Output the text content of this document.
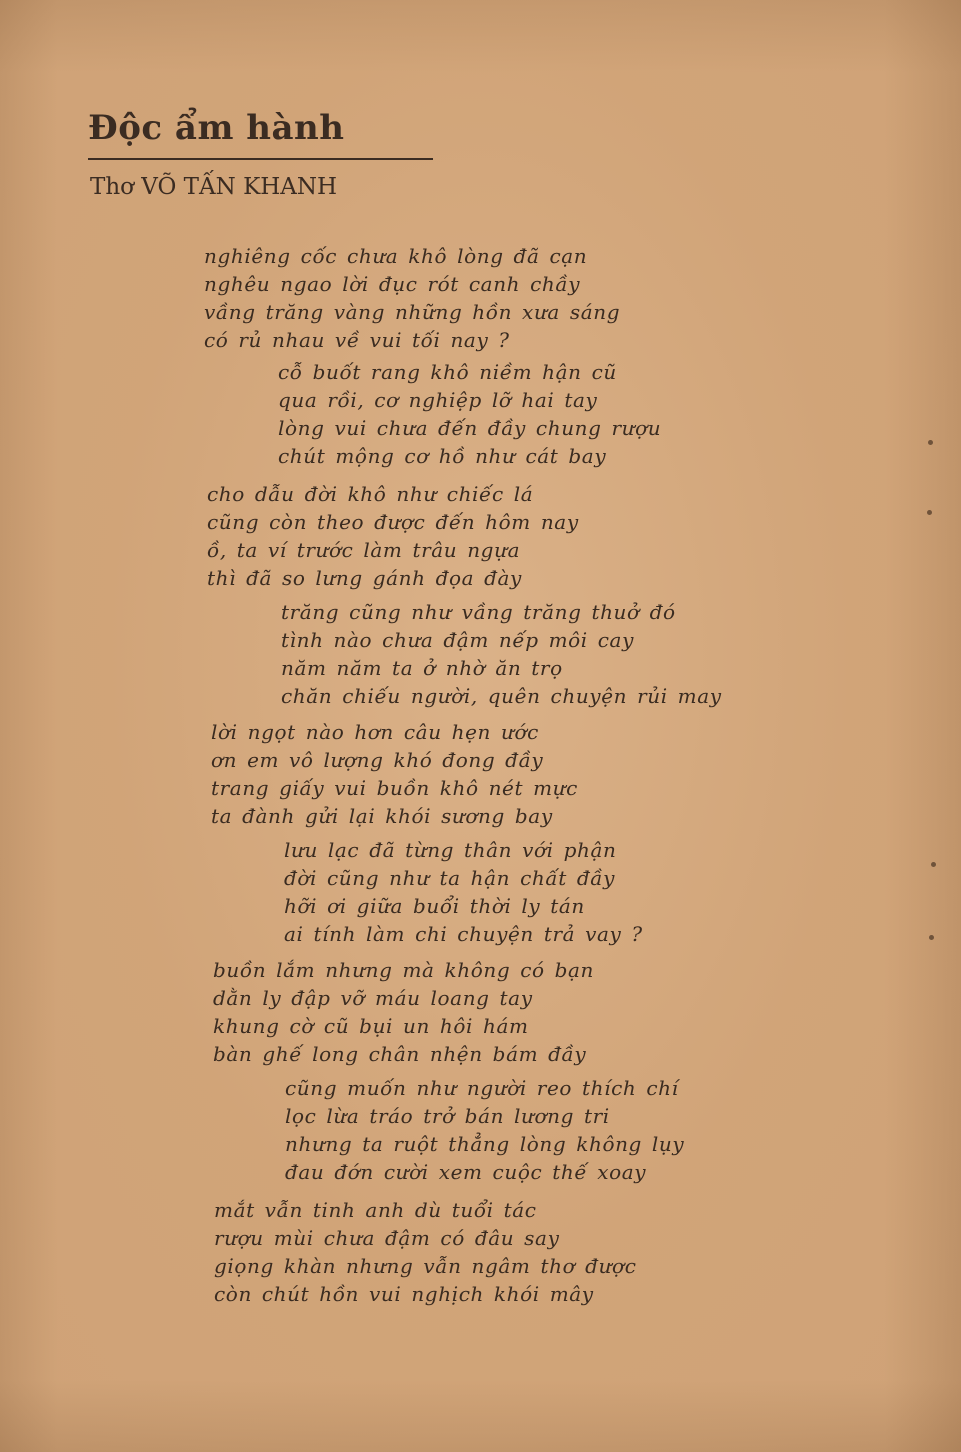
Độc ẩm hành
Thơ VÕ TẤN KHANH
nghiêng cốc chưa khô lòng đã cạn
nghêu ngao lời đục rót canh chầy
vầng trăng vàng những hồn xưa sáng
có rủ nhau về vui tối nay ?
cỗ buốt rang khô niềm hận cũ
qua rồi, cơ nghiệp lỡ hai tay
lòng vui chưa đến đầy chung rượu
chút mộng cơ hồ như cát bay
cho dẫu đời khô như chiếc lá
cũng còn theo được đến hôm nay
ồ, ta ví trước làm trâu ngựa
thì đã so lưng gánh đọa đày
trăng cũng như vầng trăng thuở đó
tình nào chưa đậm nếp môi cay
năm năm ta ở nhờ ăn trọ
chăn chiếu người, quên chuyện rủi may
lời ngọt nào hơn câu hẹn ước
ơn em vô lượng khó đong đầy
trang giấy vui buồn khô nét mực
ta đành gửi lại khói sương bay
lưu lạc đã từng thân với phận
đời cũng như ta hận chất đầy
hỡi ơi giữa buổi thời ly tán
ai tính làm chi chuyện trả vay ?
buồn lắm nhưng mà không có bạn
dằn ly đập vỡ máu loang tay
khung cờ cũ bụi un hôi hám
bàn ghế long chân nhện bám đầy
cũng muốn như người reo thích chí
lọc lừa tráo trở bán lương tri
nhưng ta ruột thẳng lòng không lụy
đau đớn cười xem cuộc thế xoay
mắt vẫn tinh anh dù tuổi tác
rượu mùi chưa đậm có đâu say
giọng khàn nhưng vẫn ngâm thơ được
còn chút hồn vui nghịch khói mây
